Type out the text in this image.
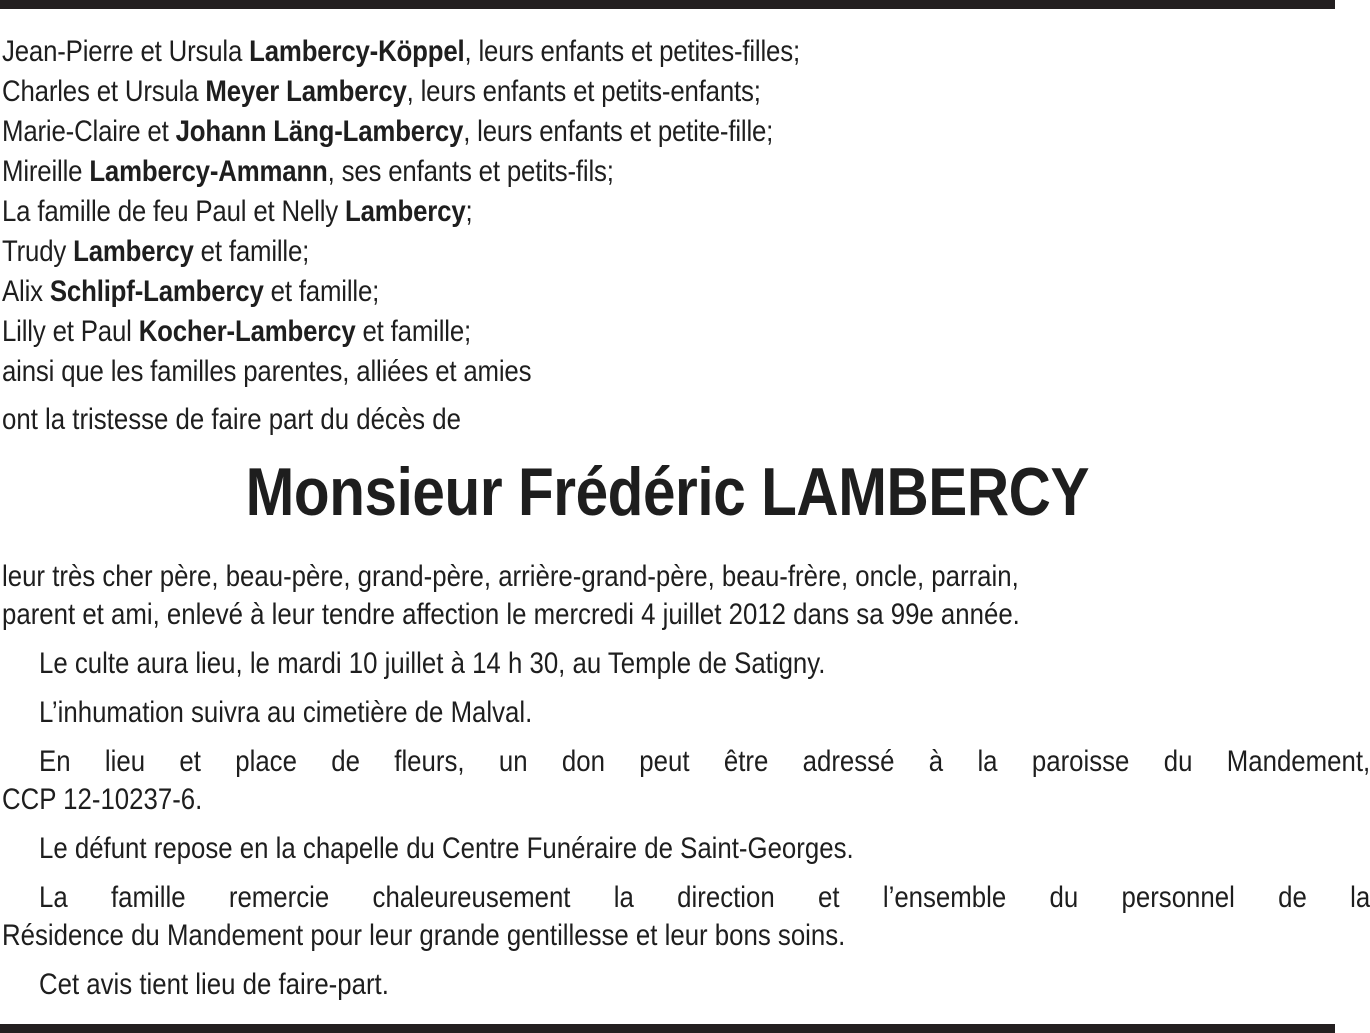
Jean-Pierre et Ursula Lambercy-Köppel, leurs enfants et petites-filles;
Charles et Ursula Meyer Lambercy, leurs enfants et petits-enfants;
Marie-Claire et Johann Läng-Lambercy, leurs enfants et petite-fille;
Mireille Lambercy-Ammann, ses enfants et petits-fils;
La famille de feu Paul et Nelly Lambercy;
Trudy Lambercy et famille;
Alix Schlipf-Lambercy et famille;
Lilly et Paul Kocher-Lambercy et famille;
ainsi que les familles parentes, alliées et amies
ont la tristesse de faire part du décès de
Monsieur Frédéric LAMBERCY
leur très cher père, beau-père, grand-père, arrière-grand-père, beau-frère, oncle, parrain,
parent et ami, enlevé à leur tendre affection le mercredi 4 juillet 2012 dans sa 99e année.
Le culte aura lieu, le mardi 10 juillet à 14 h 30, au Temple de Satigny.
L’inhumation suivra au cimetière de Malval.
En lieu et place de fleurs, un don peut être adressé à la paroisse du Mandement,
CCP 12-10237-6.
Le défunt repose en la chapelle du Centre Funéraire de Saint-Georges.
La famille remercie chaleureusement la direction et l’ensemble du personnel de la
Résidence du Mandement pour leur grande gentillesse et leur bons soins.
Cet avis tient lieu de faire-part.
